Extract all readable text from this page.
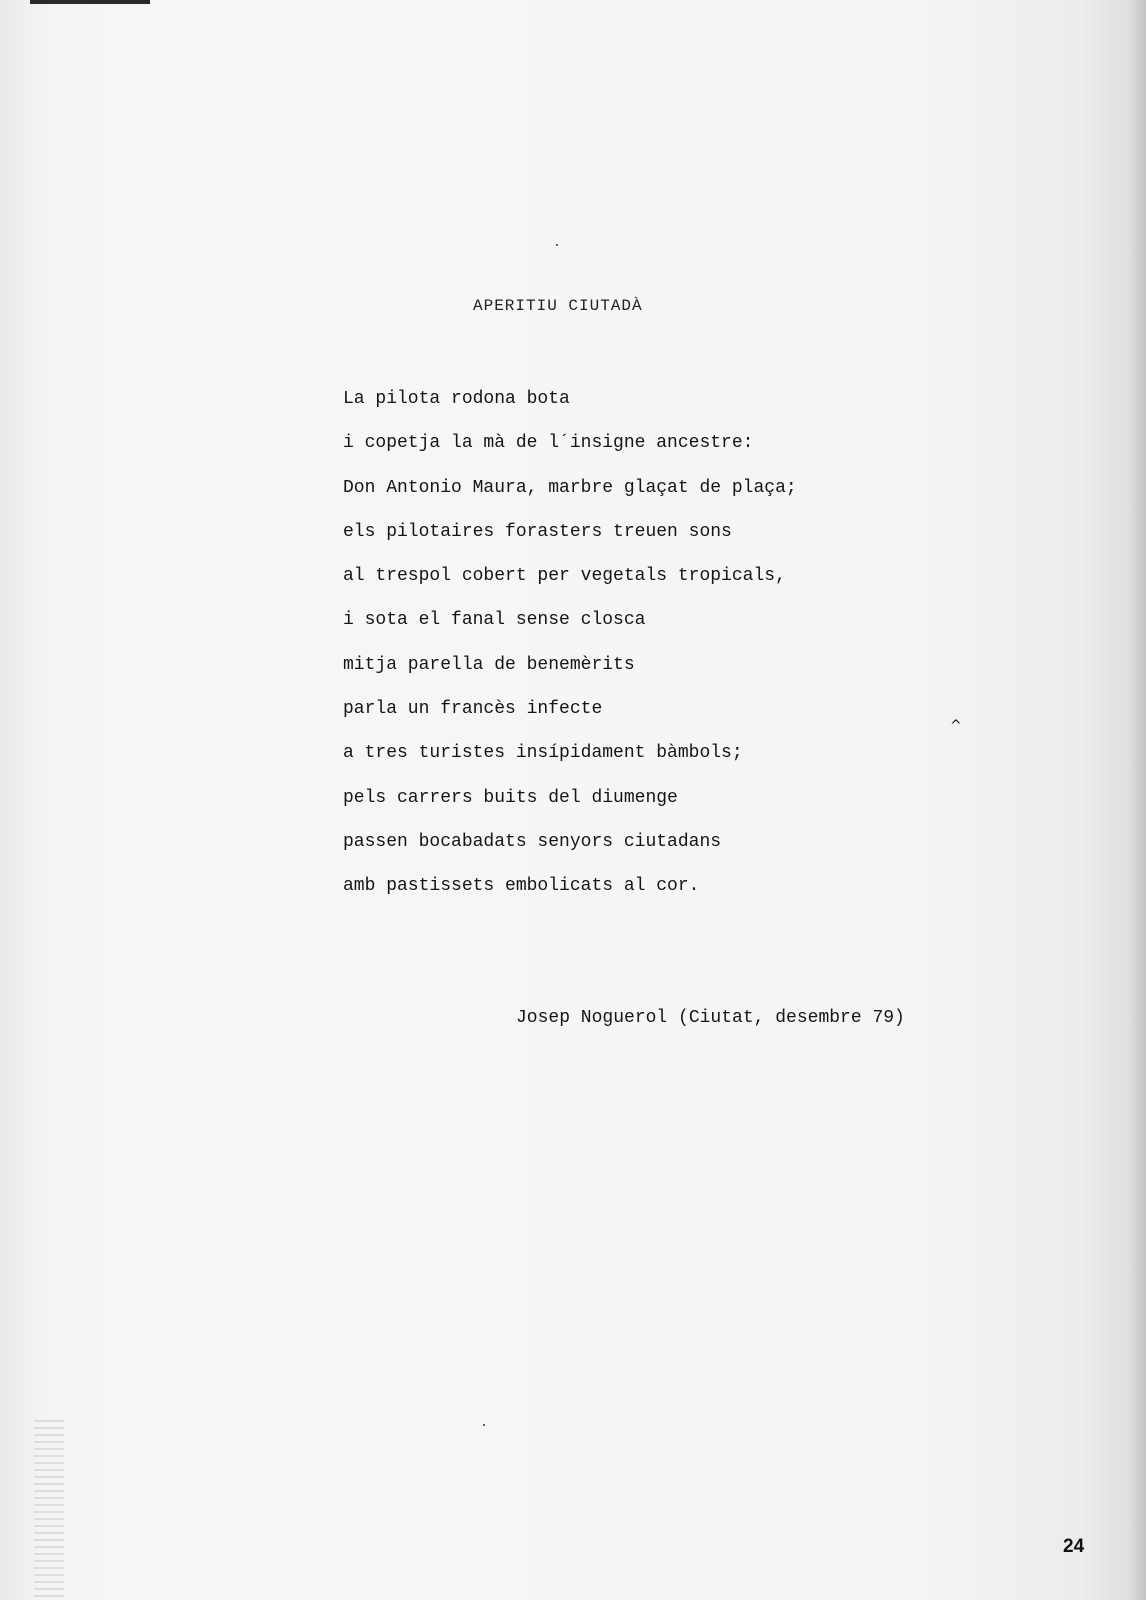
^
APERITIU CIUTADÀ
La pilota rodona bota
i copetja la mà de l´insigne ancestre:
Don Antonio Maura, marbre glaçat de plaça;
els pilotaires forasters treuen sons
al trespol cobert per vegetals tropicals,
i sota el fanal sense closca
mitja parella de benemèrits
parla un francès infecte
a tres turistes insípidament bàmbols;
pels carrers buits del diumenge
passen bocabadats senyors ciutadans
amb pastissets embolicats al cor.
Josep Noguerol (Ciutat, desembre 79)
24
